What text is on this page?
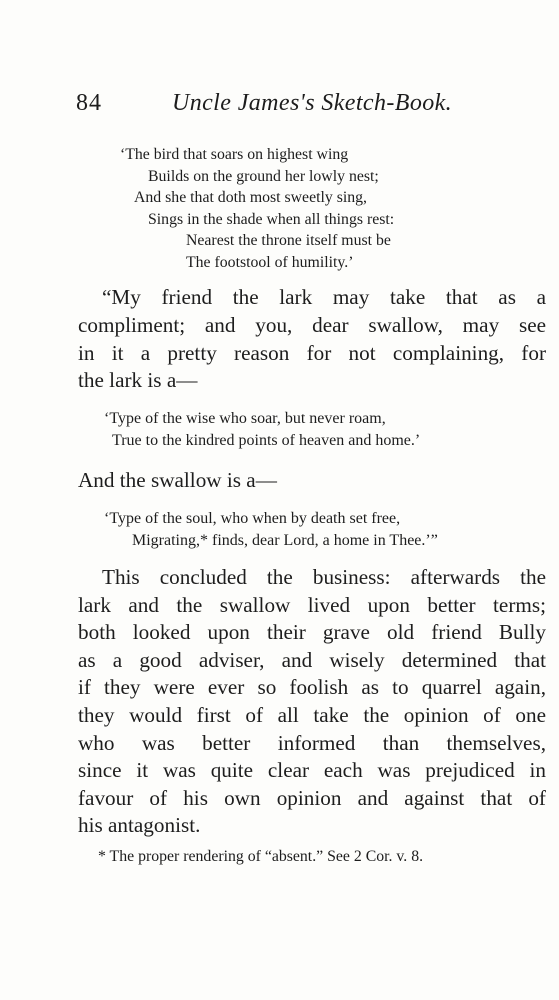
84	Uncle James's Sketch-Book.
‘The bird that soars on highest wing
Builds on the ground her lowly nest;
And she that doth most sweetly sing,
Sings in the shade when all things rest:
Nearest the throne itself must be
The footstool of humility.’
“My friend the lark may take that as a
compliment; and you, dear swallow, may see
in it a pretty reason for not complaining, for
the lark is a—
‘Type of the wise who soar, but never roam,
True to the kindred points of heaven and home.’
And the swallow is a—
‘Type of the soul, who when by death set free,
Migrating,* finds, dear Lord, a home in Thee.’”
This concluded the business: afterwards the
lark and the swallow lived upon better terms;
both looked upon their grave old friend Bully
as a good adviser, and wisely determined that
if they were ever so foolish as to quarrel again,
they would first of all take the opinion of one
who was better informed than themselves,
since it was quite clear each was prejudiced in
favour of his own opinion and against that of
his antagonist.
* The proper rendering of “absent.” See 2 Cor. v. 8.
